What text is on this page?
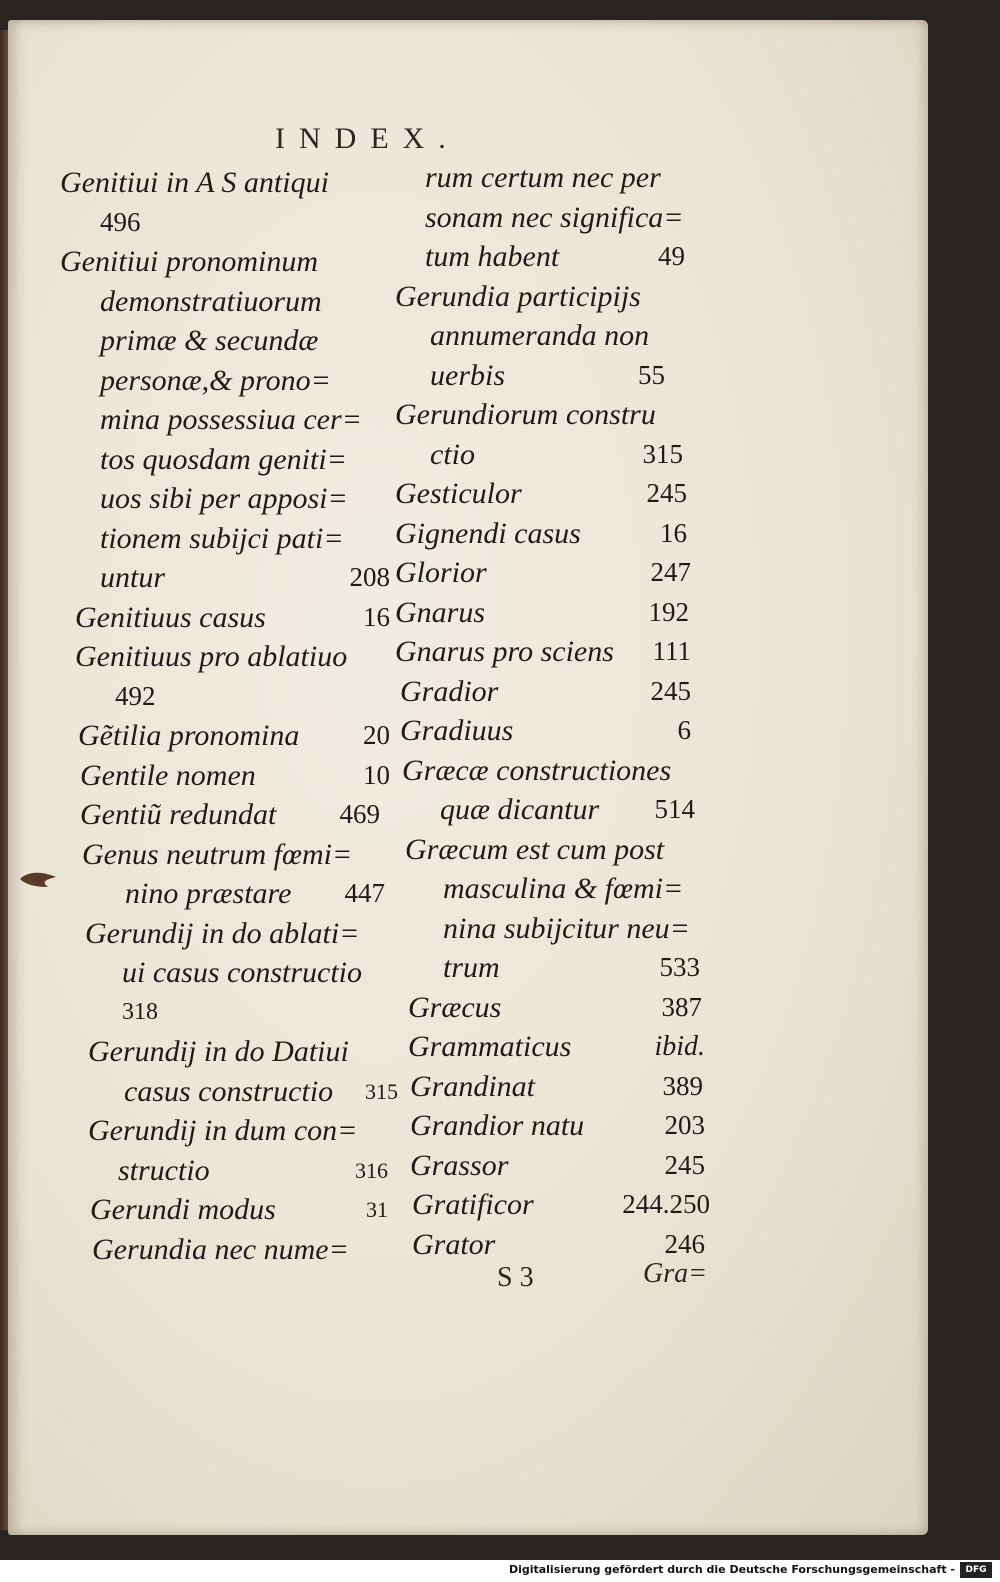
INDEX.
Genitiui in A S antiqui
496
Genitiui pronominum
demonstratiuorum
primæ & secundæ
personæ,& prono=
mina possessiua cer=
tos quosdam geniti=
uos sibi per apposi=
tionem subijci pati=
untur	208
Genitiuus casus	16
Genitiuus pro ablatiuo
492
Gẽtilia pronomina 20
Gentile nomen	10
Gentiũ redundat 469
Genus neutrum fœmi=
nino præstare 447
Gerundij in do ablati=
ui casus constructio
318
Gerundij in do Datiui
casus constructio 315
Gerundij in dum con=
structio	316
Gerundi modus	31
Gerundia nec nume=
rum certum nec per
sonam nec significa=
tum habent	49
Gerundia participijs
annumeranda non
uerbis	55
Gerundiorum constru
ctio	315
Gesticulor	245
Gignendi casus	16
Glorior	247
Gnarus	192
Gnarus pro sciens 111
Gradior	245
Gradiuus	6
Græcæ constructiones
quæ dicantur 514
Græcum est cum post
masculina & fœmi=
nina subijcitur neu=
trum	533
Græcus	387
Grammaticus	ibid.
Grandinat	389
Grandior natu	203
Grassor	245
Gratificor	244.250
Grator	246
S 3	Gra=
Digitalisierung gefördert durch die Deutsche Forschungsgemeinschaft -	DFG
